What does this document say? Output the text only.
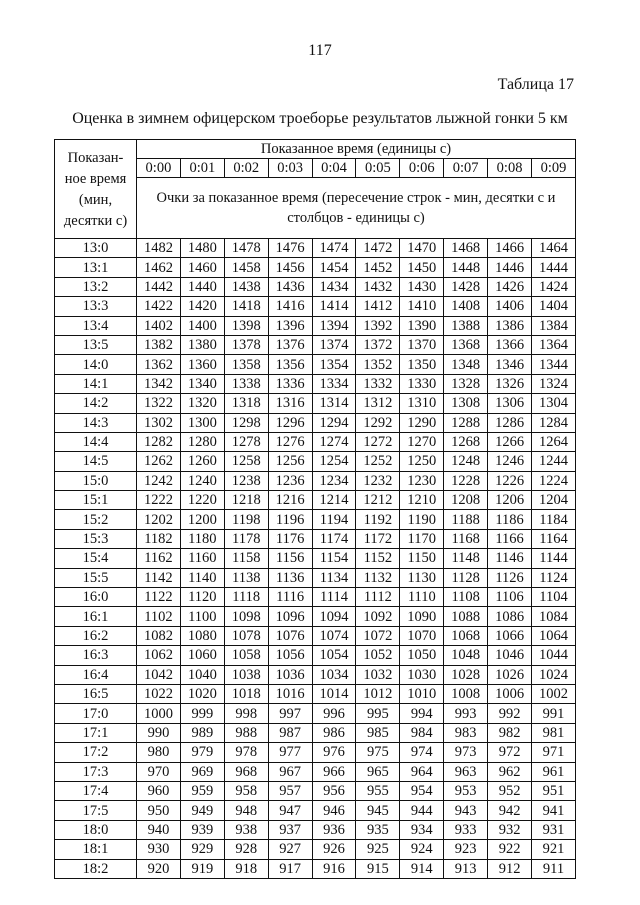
117
Таблица 17
Оценка в зимнем офицерском троеборье результатов лыжной гонки 5 км
Показан-
ное время
(мин,
десятки с)	Показанное время (единицы с)									
	0:00	0:01	0:02	0:03	0:04	0:05	0:06	0:07	0:08	0:09
	Очки за показанное время (пересечение строк - мин, десятки с и столбцов - единицы с)									
13:0	1482	1480	1478	1476	1474	1472	1470	1468	1466	1464
13:1	1462	1460	1458	1456	1454	1452	1450	1448	1446	1444
13:2	1442	1440	1438	1436	1434	1432	1430	1428	1426	1424
13:3	1422	1420	1418	1416	1414	1412	1410	1408	1406	1404
13:4	1402	1400	1398	1396	1394	1392	1390	1388	1386	1384
13:5	1382	1380	1378	1376	1374	1372	1370	1368	1366	1364
14:0	1362	1360	1358	1356	1354	1352	1350	1348	1346	1344
14:1	1342	1340	1338	1336	1334	1332	1330	1328	1326	1324
14:2	1322	1320	1318	1316	1314	1312	1310	1308	1306	1304
14:3	1302	1300	1298	1296	1294	1292	1290	1288	1286	1284
14:4	1282	1280	1278	1276	1274	1272	1270	1268	1266	1264
14:5	1262	1260	1258	1256	1254	1252	1250	1248	1246	1244
15:0	1242	1240	1238	1236	1234	1232	1230	1228	1226	1224
15:1	1222	1220	1218	1216	1214	1212	1210	1208	1206	1204
15:2	1202	1200	1198	1196	1194	1192	1190	1188	1186	1184
15:3	1182	1180	1178	1176	1174	1172	1170	1168	1166	1164
15:4	1162	1160	1158	1156	1154	1152	1150	1148	1146	1144
15:5	1142	1140	1138	1136	1134	1132	1130	1128	1126	1124
16:0	1122	1120	1118	1116	1114	1112	1110	1108	1106	1104
16:1	1102	1100	1098	1096	1094	1092	1090	1088	1086	1084
16:2	1082	1080	1078	1076	1074	1072	1070	1068	1066	1064
16:3	1062	1060	1058	1056	1054	1052	1050	1048	1046	1044
16:4	1042	1040	1038	1036	1034	1032	1030	1028	1026	1024
16:5	1022	1020	1018	1016	1014	1012	1010	1008	1006	1002
17:0	1000	999	998	997	996	995	994	993	992	991
17:1	990	989	988	987	986	985	984	983	982	981
17:2	980	979	978	977	976	975	974	973	972	971
17:3	970	969	968	967	966	965	964	963	962	961
17:4	960	959	958	957	956	955	954	953	952	951
17:5	950	949	948	947	946	945	944	943	942	941
18:0	940	939	938	937	936	935	934	933	932	931
18:1	930	929	928	927	926	925	924	923	922	921
18:2	920	919	918	917	916	915	914	913	912	911
